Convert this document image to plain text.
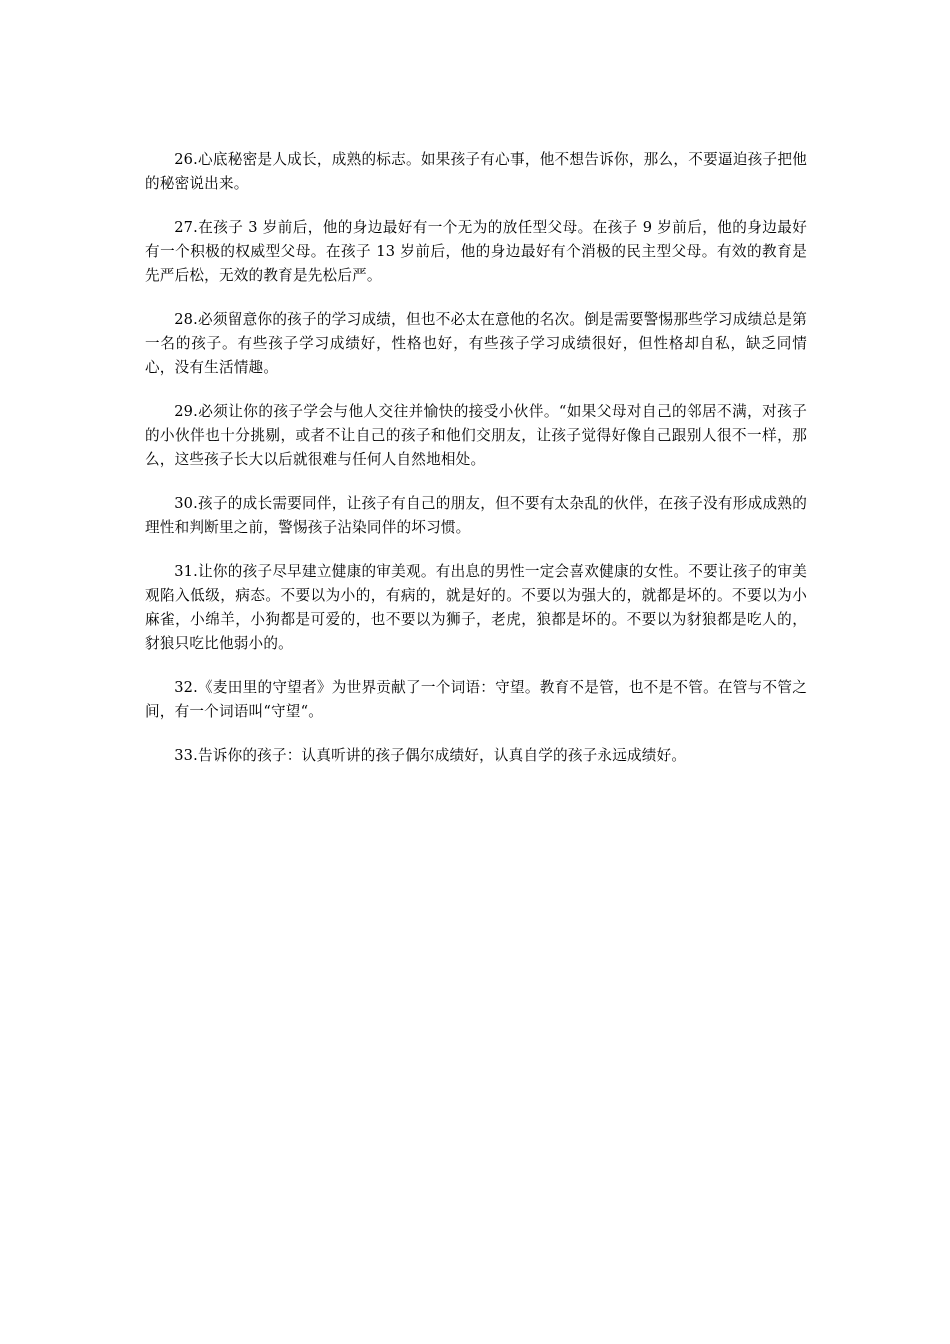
26.心底秘密是人成长，成熟的标志。如果孩子有心事，他不想告诉你，那么，不要逼迫孩子把他的秘密说出来。

27.在孩子 3 岁前后，他的身边最好有一个无为的放任型父母。在孩子 9 岁前后，他的身边最好有一个积极的权威型父母。在孩子 13 岁前后，他的身边最好有个消极的民主型父母。有效的教育是先严后松，无效的教育是先松后严。

28.必须留意你的孩子的学习成绩，但也不必太在意他的名次。倒是需要警惕那些学习成绩总是第一名的孩子。有些孩子学习成绩好，性格也好，有些孩子学习成绩很好，但性格却自私，缺乏同情心，没有生活情趣。

29.必须让你的孩子学会与他人交往并愉快的接受小伙伴。“如果父母对自己的邻居不满，对孩子的小伙伴也十分挑剔，或者不让自己的孩子和他们交朋友，让孩子觉得好像自己跟别人很不一样，那么，这些孩子长大以后就很难与任何人自然地相处。

30.孩子的成长需要同伴，让孩子有自己的朋友，但不要有太杂乱的伙伴，在孩子没有形成成熟的理性和判断里之前，警惕孩子沾染同伴的坏习惯。

31.让你的孩子尽早建立健康的审美观。有出息的男性一定会喜欢健康的女性。不要让孩子的审美观陷入低级，病态。不要以为小的，有病的，就是好的。不要以为强大的，就都是坏的。不要以为小麻雀，小绵羊，小狗都是可爱的，也不要以为狮子，老虎，狼都是坏的。不要以为豺狼都是吃人的，豺狼只吃比他弱小的。

32.《麦田里的守望者》为世界贡献了一个词语：守望。教育不是管，也不是不管。在管与不管之间，有一个词语叫“守望“。

33.告诉你的孩子：认真听讲的孩子偶尔成绩好，认真自学的孩子永远成绩好。
